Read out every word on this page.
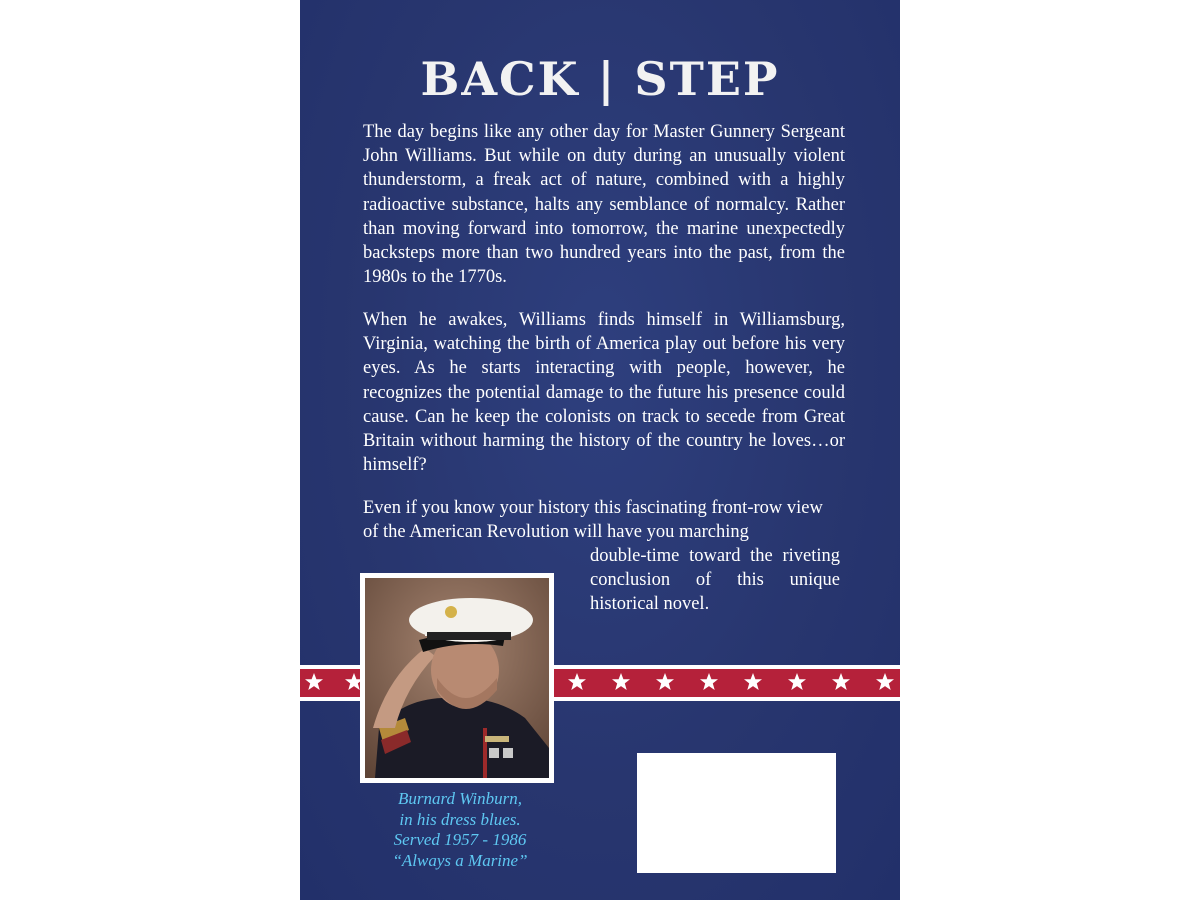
BACK | STEP

The day begins like any other day for Master Gunnery Sergeant John Williams. But while on duty during an unusually violent thunderstorm, a freak act of nature, combined with a highly radioactive substance, halts any semblance of normalcy. Rather than moving forward into tomorrow, the marine unexpectedly backsteps more than two hundred years into the past, from the 1980s to the 1770s.

When he awakes, Williams finds himself in Williamsburg, Virginia, watching the birth of America play out before his very eyes. As he starts interacting with people, however, he recognizes the potential damage to the future his presence could cause. Can he keep the colonists on track to secede from Great Britain without harming the history of the country he loves…or himself?

Even if you know your history this fascinating front-row view of the American Revolution will have you marching

double-time toward the riveting conclusion of this unique historical novel.

Burnard Winburn,
in his dress blues.
Served 1957 - 1986
“Always a Marine”
